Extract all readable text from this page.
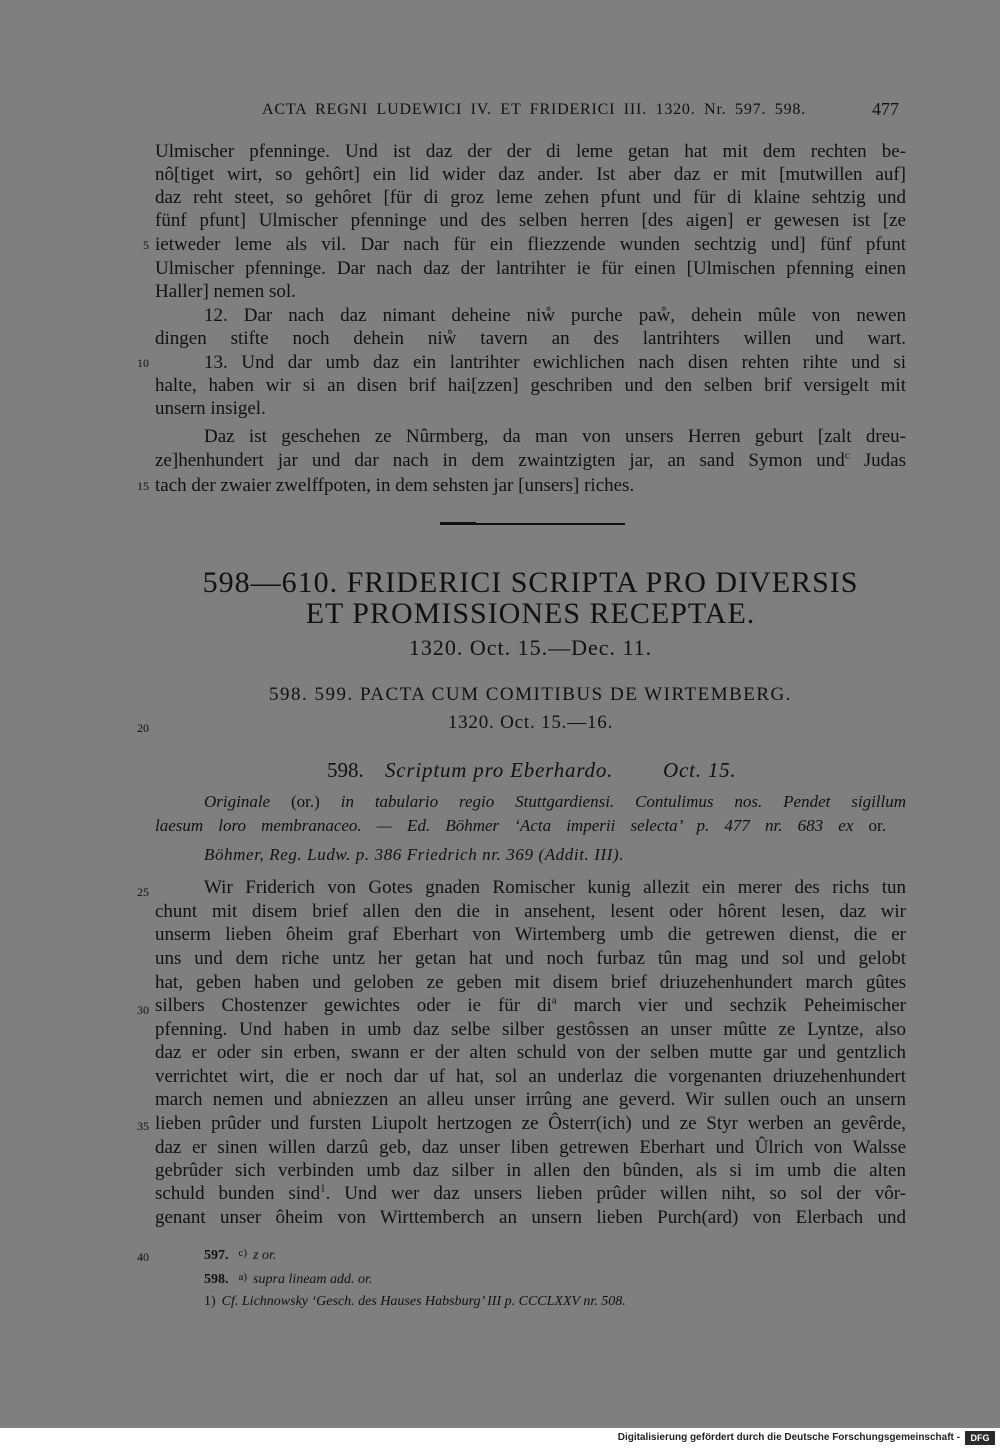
ACTA REGNI LUDEWICI IV. ET FRIDERICI III. 1320. Nr. 597. 598.	477
5
10
15
20
25
30
35
40
Ulmischer pfenninge. Und ist daz der der di leme getan hat mit dem rechten be-
nô[tiget wirt, so gehôrt] ein lid wider daz ander. Ist aber daz er mit [mutwillen auf]
daz reht steet, so gehôret [für di groz leme zehen pfunt und für di klaine sehtzig und
fünf pfunt] Ulmischer pfenninge und des selben herren [des aigen] er gewesen ist [ze
ietweder leme als vil. Dar nach für ein fliezzende wunden sechtzig und] fünf pfunt
Ulmischer pfenninge. Dar nach daz der lantrihter ie für einen [Ulmischen pfenning einen
Haller] nemen sol.
12. Dar nach daz nimant deheine niẘ purche paẘ, dehein mûle von newen
dingen stifte noch dehein niẘ tavern an des lantrihters willen und wart.
13. Und dar umb daz ein lantrihter ewichlichen nach disen rehten rihte und si
halte, haben wir si an disen brif hai[zzen] geschriben und den selben brif versigelt mit
unsern insigel.
Daz ist geschehen ze Nûrmberg, da man von unsers Herren geburt [zalt dreu-
ze]henhundert jar und dar nach in dem zwaintzigten jar, an sand Symon und$^c$ Judas
tach der zwaier zwelffpoten, in dem sehsten jar [unsers] riches.
598—610. FRIDERICI SCRIPTA PRO DIVERSIS
ET PROMISSIONES RECEPTAE.
1320. Oct. 15.—Dec. 11.
598. 599. PACTA CUM COMITIBUS DE WIRTEMBERG.
1320. Oct. 15.—16.
598. Scriptum pro Eberhardo. Oct. 15.
Originale (or.) in tabulario regio Stuttgardiensi. Contulimus nos. Pendet sigillum
laesum loro membranaceo. — Ed. Böhmer ‘Acta imperii selecta’ p. 477 nr. 683 ex or.
Böhmer, Reg. Ludw. p. 386 Friedrich nr. 369 (Addit. III).
Wir Friderich von Gotes gnaden Romischer kunig allezit ein merer des richs tun
chunt mit disem brief allen den die in ansehent, lesent oder hôrent lesen, daz wir
unserm lieben ôheim graf Eberhart von Wirtemberg umb die getrewen dienst, die er
uns und dem riche untz her getan hat und noch furbaz tûn mag und sol und gelobt
hat, geben haben und geloben ze geben mit disem brief driuzehenhundert march gûtes
silbers Chostenzer gewichtes oder ie für $di^a$ march vier und sechzik Peheimischer
pfenning. Und haben in umb daz selbe silber gestôssen an unser mûtte ze Lyntze, also
daz er oder sin erben, swann er der alten schuld von der selben mutte gar und gentzlich
verrichtet wirt, die er noch dar uf hat, sol an underlaz die vorgenanten driuzehenhundert
march nemen und abniezzen an alleu unser irrûng ane geverd. Wir sullen ouch an unsern
lieben prûder und fursten Liupolt hertzogen ze Ôsterr(ich) und ze Styr werben an gevêrde,
daz er sinen willen darzû geb, daz unser liben getrewen Eberhart und Ûlrich von Walsse
gebrûder sich verbinden umb daz silber in allen den bûnden, als si im umb die alten
schuld bunden sind$^1$. Und wer daz unsers lieben prûder willen niht, so sol der vôr-
genant unser ôheim von Wirttemberch an unsern lieben Purch(ard) von Elerbach und
597. $^{c)}$ z or.
598. $^{a)}$ supra lineam add. or.
1) Cf. Lichnowsky ‘Gesch. des Hauses Habsburg’ III p. CCCLXXV nr. 508.
Digitalisierung gefördert durch die Deutsche Forschungsgemeinschaft -	DFG
